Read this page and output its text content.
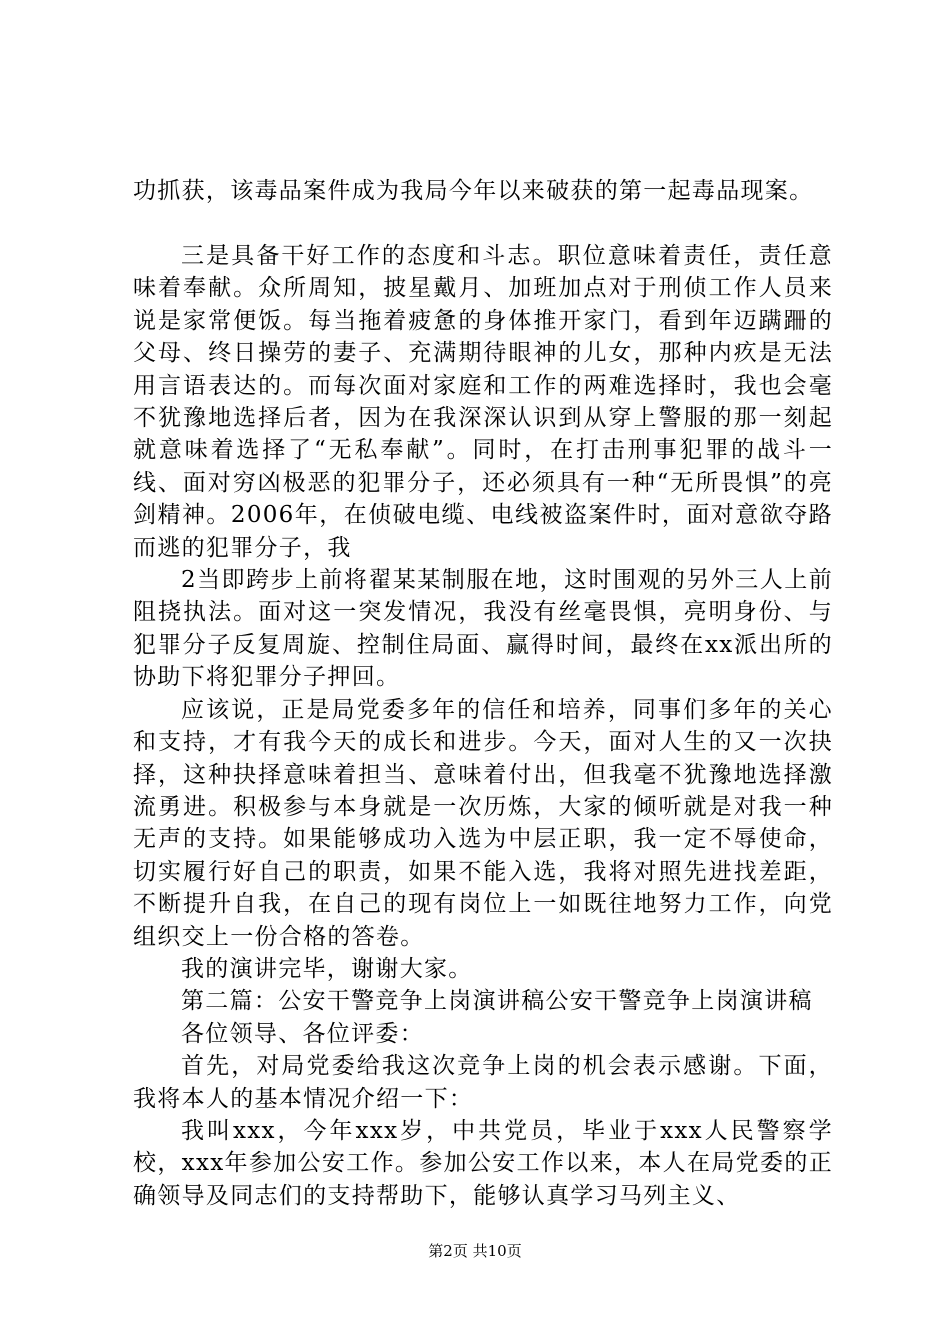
功抓获，该毒品案件成为我局今年以来破获的第一起毒品现案。

三是具备干好工作的态度和斗志。职位意味着责任，责任意味着奉献。众所周知，披星戴月、加班加点对于刑侦工作人员来说是家常便饭。每当拖着疲惫的身体推开家门，看到年迈蹒跚的父母、终日操劳的妻子、充满期待眼神的儿女，那种内疚是无法用言语表达的。而每次面对家庭和工作的两难选择时，我也会毫不犹豫地选择后者，因为在我深深认识到从穿上警服的那一刻起就意味着选择了“无私奉献”。同时，在打击刑事犯罪的战斗一线、面对穷凶极恶的犯罪分子，还必须具有一种“无所畏惧”的亮剑精神。2006年，在侦破电缆、电线被盗案件时，面对意欲夺路而逃的犯罪分子，我

2当即跨步上前将翟某某制服在地，这时围观的另外三人上前阻挠执法。面对这一突发情况，我没有丝毫畏惧，亮明身份、与犯罪分子反复周旋、控制住局面、赢得时间，最终在xx派出所的协助下将犯罪分子押回。

应该说，正是局党委多年的信任和培养，同事们多年的关心和支持，才有我今天的成长和进步。今天，面对人生的又一次抉择，这种抉择意味着担当、意味着付出，但我毫不犹豫地选择激流勇进。积极参与本身就是一次历炼，大家的倾听就是对我一种无声的支持。如果能够成功入选为中层正职，我一定不辱使命，切实履行好自己的职责，如果不能入选，我将对照先进找差距，不断提升自我，在自己的现有岗位上一如既往地努力工作，向党组织交上一份合格的答卷。

我的演讲完毕，谢谢大家。

第二篇：公安干警竞争上岗演讲稿公安干警竞争上岗演讲稿

各位领导、各位评委：

首先，对局党委给我这次竞争上岗的机会表示感谢。下面，我将本人的基本情况介绍一下：

我叫xxx，今年xxx岁，中共党员，毕业于xxx人民警察学校，xxx年参加公安工作。参加公安工作以来，本人在局党委的正确领导及同志们的支持帮助下，能够认真学习马列主义、

第2页 共10页
